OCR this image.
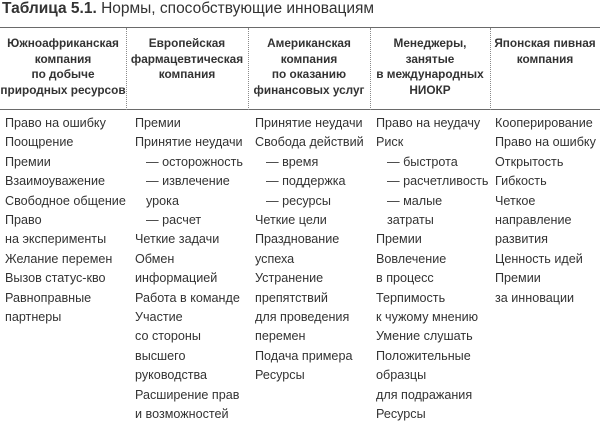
Таблица 5.1. Нормы, способствующие инновациям
Южноафриканская
компания
по добыче
природных ресурсов
Европейская
фармацевтическая
компания
Американская
компания
по оказанию
финансовых услуг
Менеджеры,
занятые
в международных
НИОКР
Японская пивная
компания
Право на ошибку
Поощрение
Премии
Взаимоуважение
Свободное общение
Право
на эксперименты
Желание перемен
Вызов статус-кво
Равноправные
партнеры
Премии
Принятие неудачи
— осторожность
— извлечение
урока
— расчет
Четкие задачи
Обмен
информацией
Работа в команде
Участие
со стороны
высшего
руководства
Расширение прав
и возможностей
Принятие неудачи
Свобода действий
— время
— поддержка
— ресурсы
Четкие цели
Празднование
успеха
Устранение
препятствий
для проведения
перемен
Подача примера
Ресурсы
Право на неудачу
Риск
— быстрота
— расчетливость
— малые
затраты
Премии
Вовлечение
в процесс
Терпимость
к чужому мнению
Умение слушать
Положительные
образцы
для подражания
Ресурсы
Кооперирование
Право на ошибку
Открытость
Гибкость
Четкое
направление
развития
Ценность идей
Премии
за инновации
